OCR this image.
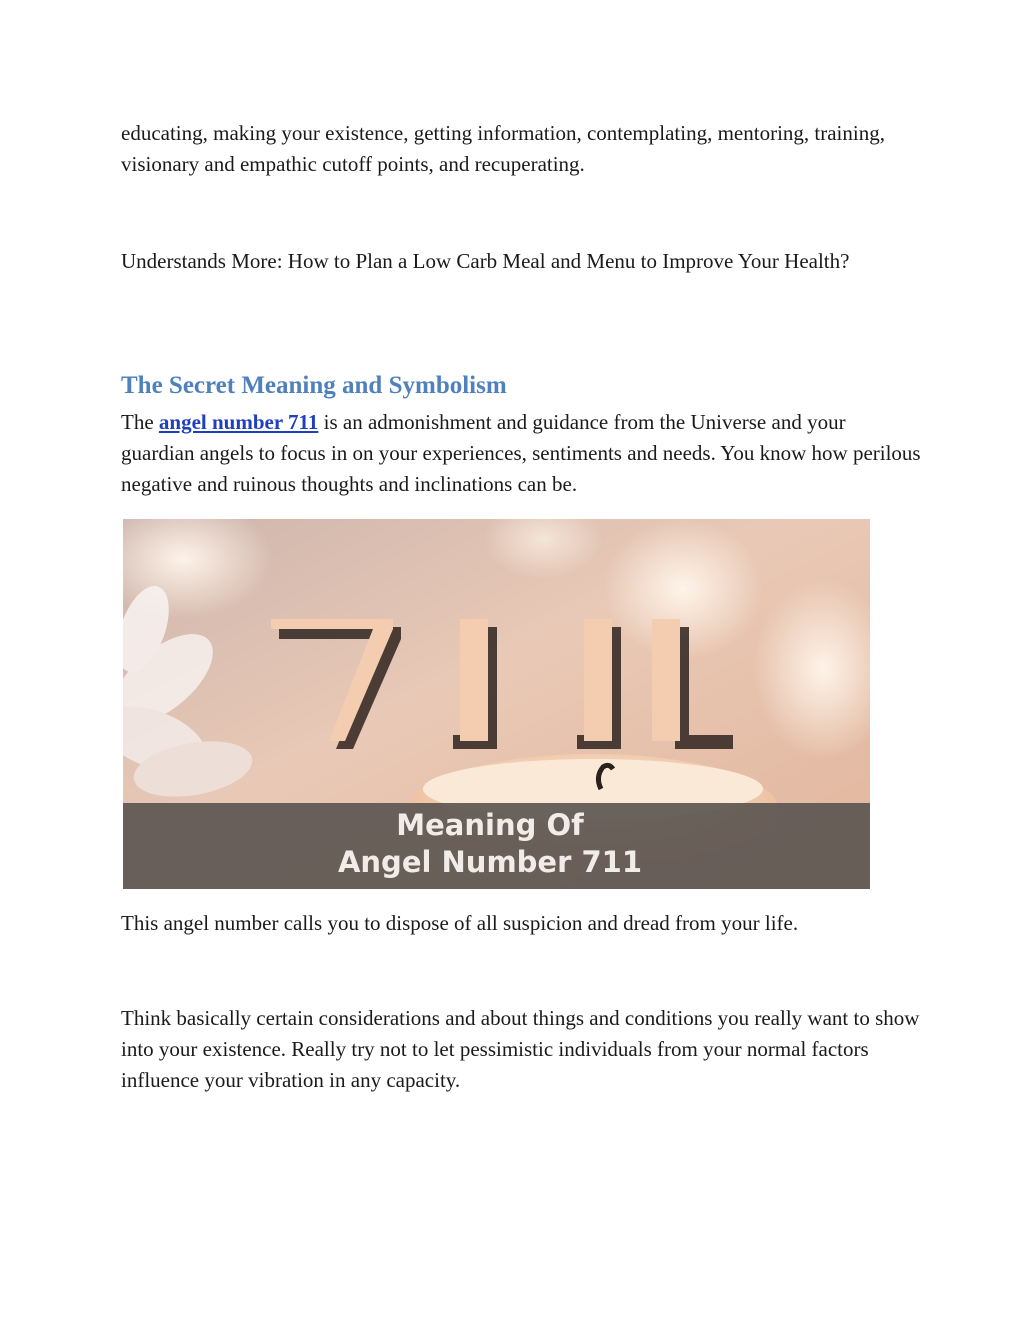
educating, making your existence, getting information, contemplating, mentoring, training, visionary and empathic cutoff points, and recuperating.

Understands More: How to Plan a Low Carb Meal and Menu to Improve Your Health?

The Secret Meaning and Symbolism

The angel number 711 is an admonishment and guidance from the Universe and your guardian angels to focus in on your experiences, sentiments and needs. You know how perilous negative and ruinous thoughts and inclinations can be.

Meaning Of
Angel Number 711

This angel number calls you to dispose of all suspicion and dread from your life.

Think basically certain considerations and about things and conditions you really want to show into your existence. Really try not to let pessimistic individuals from your normal factors influence your vibration in any capacity.
